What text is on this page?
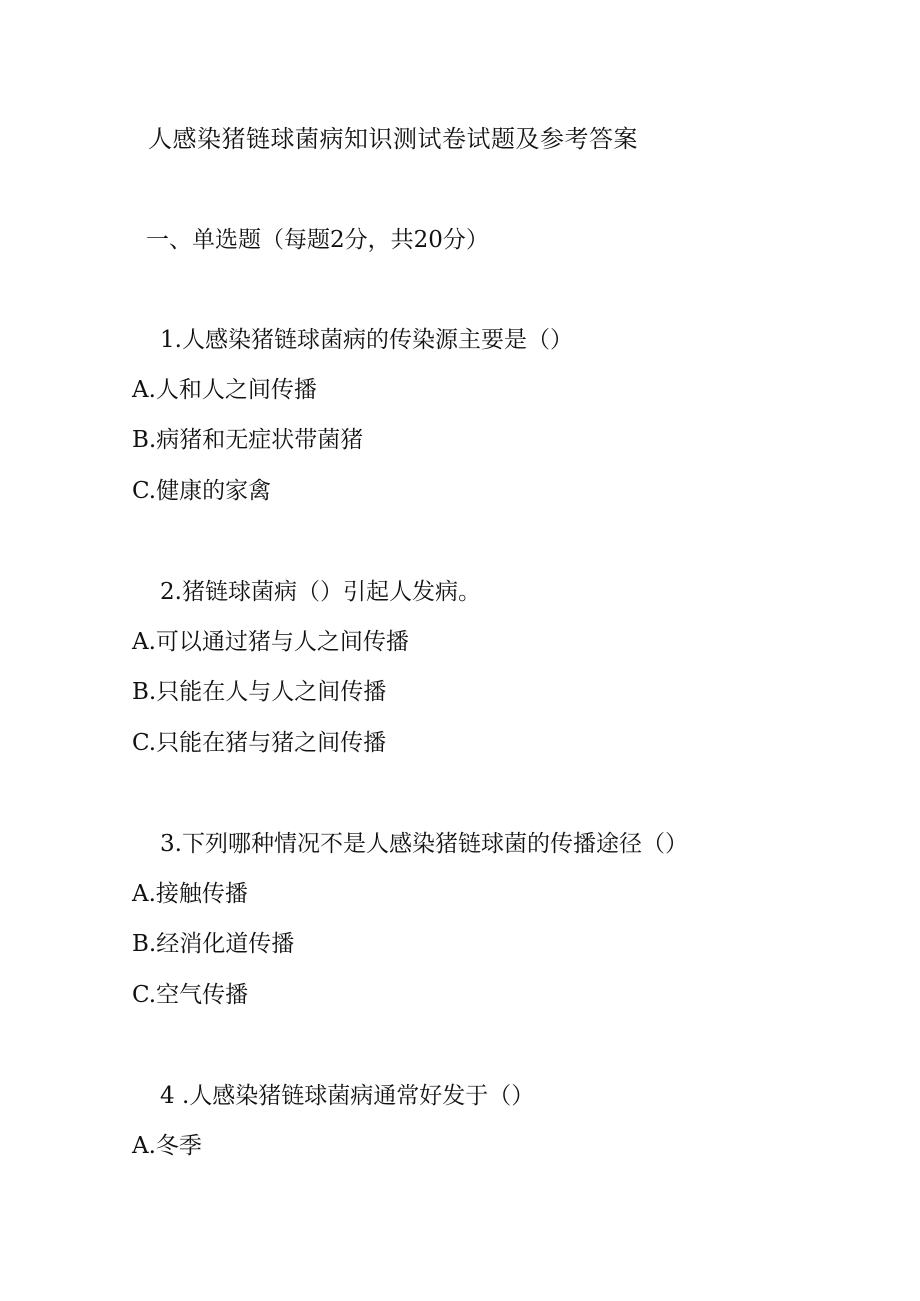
人感染猪链球菌病知识测试卷试题及参考答案
一、单选题（每题2分，共20分）
1.人感染猪链球菌病的传染源主要是（）
A.人和人之间传播
B.病猪和无症状带菌猪
C.健康的家禽
2.猪链球菌病（）引起人发病。
A.可以通过猪与人之间传播
B.只能在人与人之间传播
C.只能在猪与猪之间传播
3.下列哪种情况不是人感染猪链球菌的传播途径（）
A.接触传播
B.经消化道传播
C.空气传播
4 .人感染猪链球菌病通常好发于（）
A.冬季
